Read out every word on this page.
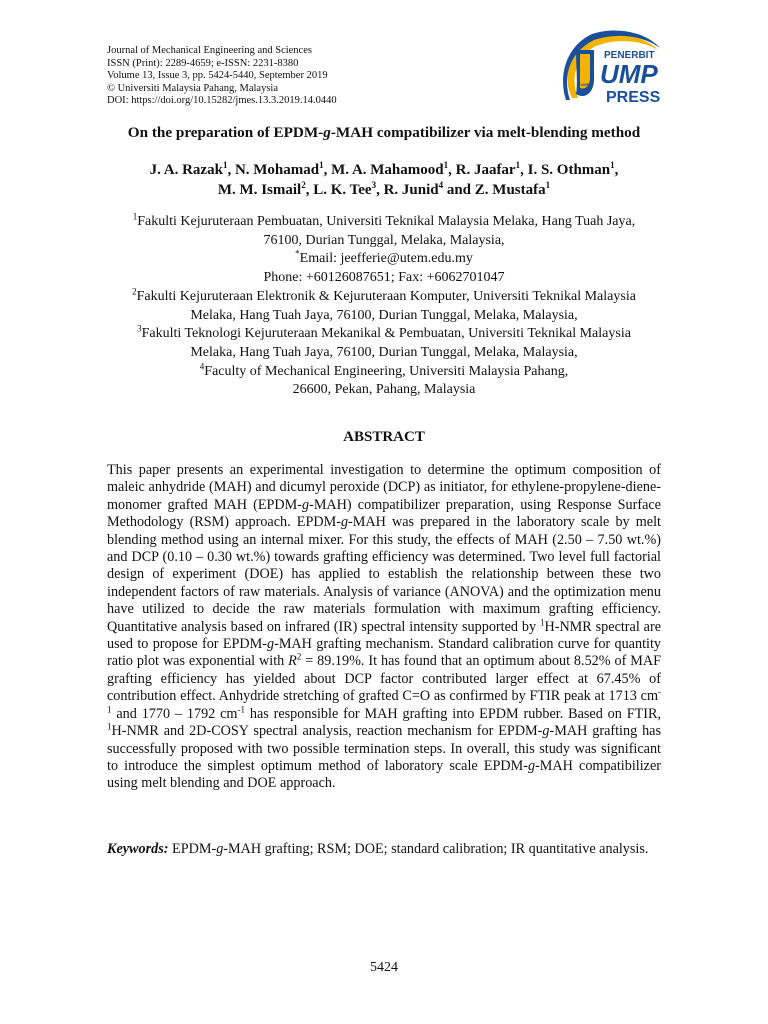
Journal of Mechanical Engineering and Sciences
ISSN (Print): 2289-4659; e-ISSN: 2231-8380
Volume 13, Issue 3, pp. 5424-5440, September 2019
© Universiti Malaysia Pahang, Malaysia
DOI: https://doi.org/10.15282/jmes.13.3.2019.14.0440
UMP
PENERBIT
UMP
PRESS
On the preparation of EPDM-g-MAH compatibilizer via melt-blending method
J. A. Razak$^1$, N. Mohamad$^1$, M. A. Mahamood$^1$, R. Jaafar$^1$, I. S. Othman$^1$,
M. M. Ismail$^2$, L. K. Tee$^3$, R. Junid$^4$ and Z. Mustafa$^1$
$^1$Fakulti Kejuruteraan Pembuatan, Universiti Teknikal Malaysia Melaka, Hang Tuah Jaya,
76100, Durian Tunggal, Melaka, Malaysia,
*Email: jeefferie@utem.edu.my
Phone: +60126087651; Fax: +6062701047
$^2$Fakulti Kejuruteraan Elektronik & Kejuruteraan Komputer, Universiti Teknikal Malaysia
Melaka, Hang Tuah Jaya, 76100, Durian Tunggal, Melaka, Malaysia,
$^3$Fakulti Teknologi Kejuruteraan Mekanikal & Pembuatan, Universiti Teknikal Malaysia
Melaka, Hang Tuah Jaya, 76100, Durian Tunggal, Melaka, Malaysia,
$^4$Faculty of Mechanical Engineering, Universiti Malaysia Pahang,
26600, Pekan, Pahang, Malaysia
ABSTRACT
This paper presents an experimental investigation to determine the optimum composition of maleic anhydride (MAH) and dicumyl peroxide (DCP) as initiator, for ethylene-propylene-diene-monomer grafted MAH (EPDM-g-MAH) compatibilizer preparation, using Response Surface Methodology (RSM) approach. EPDM-g-MAH was prepared in the laboratory scale by melt blending method using an internal mixer. For this study, the effects of MAH (2.50 – 7.50 wt.%) and DCP (0.10 – 0.30 wt.%) towards grafting efficiency was determined. Two level full factorial design of experiment (DOE) has applied to establish the relationship between these two independent factors of raw materials. Analysis of variance (ANOVA) and the optimization menu have utilized to decide the raw materials formulation with maximum grafting efficiency. Quantitative analysis based on infrared (IR) spectral intensity supported by $^1$H-NMR spectral are used to propose for EPDM-g-MAH grafting mechanism. Standard calibration curve for quantity ratio plot was exponential with $R^2 = 89.19\%$. It has found that an optimum about 8.52% of MAF grafting efficiency has yielded about DCP factor contributed larger effect at 67.45% of contribution effect. Anhydride stretching of grafted C=O as confirmed by FTIR peak at 1713 $cm^{-1}$ and 1770 – 1792 $cm^{-1}$ has responsible for MAH grafting into EPDM rubber. Based on FTIR, $^1$H-NMR and 2D-COSY spectral analysis, reaction mechanism for EPDM-g-MAH grafting has successfully proposed with two possible termination steps. In overall, this study was significant to introduce the simplest optimum method of laboratory scale EPDM-g-MAH compatibilizer using melt blending and DOE approach.
Keywords: EPDM-g-MAH grafting; RSM; DOE; standard calibration; IR quantitative analysis.
5424
